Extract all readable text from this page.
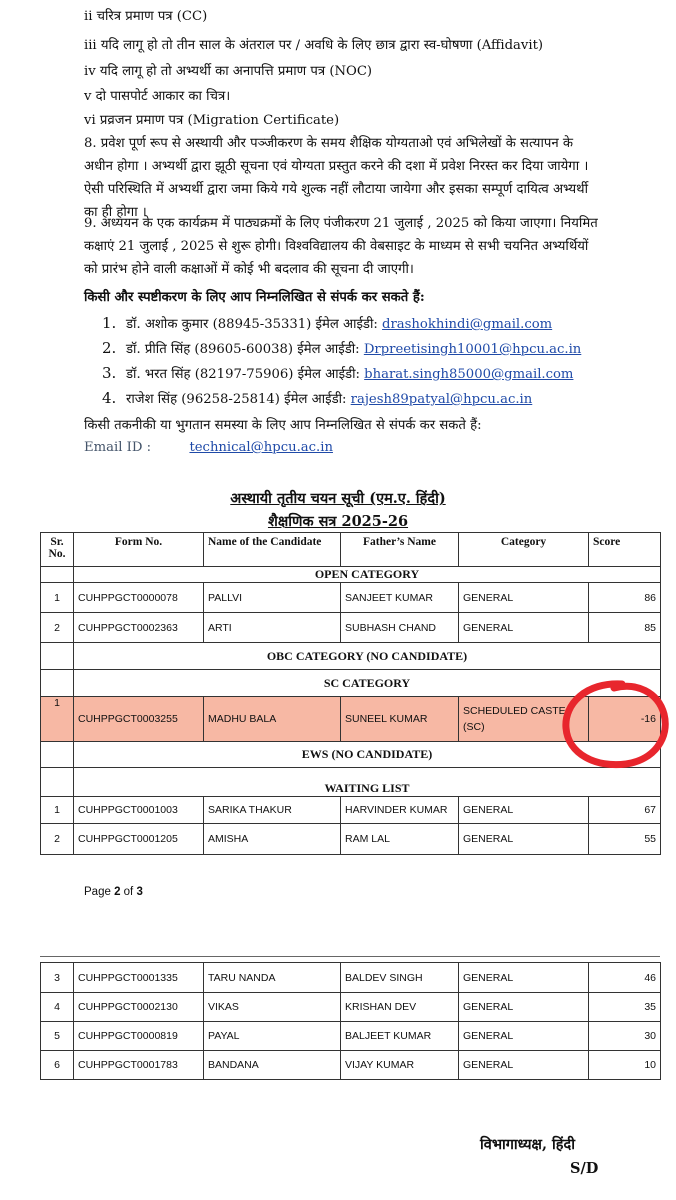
ii चरित्र प्रमाण पत्र (CC)
iii यदि लागू हो तो तीन साल के अंतराल पर / अवधि के लिए छात्र द्वारा स्व-घोषणा (Affidavit)
iv यदि लागू हो तो अभ्यर्थी का अनापत्ति प्रमाण पत्र (NOC)
v दो पासपोर्ट आकार का चित्र।
vi प्रव्रजन प्रमाण पत्र (Migration Certificate)
8. प्रवेश पूर्ण रूप से अस्थायी और पञ्जीकरण के समय शैक्षिक योग्यताओ एवं अभिलेखों के सत्यापन के अधीन होगा । अभ्यर्थी द्वारा झूठी सूचना एवं योग्यता प्रस्तुत करने की दशा में प्रवेश निरस्त कर दिया जायेगा । ऐसी परिस्थिति में अभ्यर्थी द्वारा जमा किये गये शुल्क नहीं लौटाया जायेगा और इसका सम्पूर्ण दायित्व अभ्यर्थी का ही होगा ।
9. अध्ययन के एक कार्यक्रम में पाठ्यक्रमों के लिए पंजीकरण 21 जुलाई , 2025 को किया जाएगा। नियमित कक्षाएं 21 जुलाई , 2025 से शुरू होगी। विश्वविद्यालय की वेबसाइट के माध्यम से सभी चयनित अभ्यर्थियों को प्रारंभ होने वाली कक्षाओं में कोई भी बदलाव की सूचना दी जाएगी।
किसी और स्पष्टीकरण के लिए आप निम्नलिखित से संपर्क कर सकते हैं:
1. डॉ. अशोक कुमार (88945-35331) ईमेल आईडी: drashokhindi@gmail.com
2. डॉ. प्रीति सिंह (89605-60038) ईमेल आईडी: Drpreetisingh10001@hpcu.ac.in
3. डॉ. भरत सिंह (82197-75906) ईमेल आईडी: bharat.singh85000@gmail.com
4. राजेश सिंह (96258-25814) ईमेल आईडी: rajesh89patyal@hpcu.ac.in
किसी तकनीकी या भुगतान समस्या के लिए आप निम्नलिखित से संपर्क कर सकते हैं:
Email ID :	technical@hpcu.ac.in
अस्थायी तृतीय चयन सूची (एम.ए. हिंदी)
शैक्षणिक सत्र 2025-26
Sr. No.	Form No.	Name of the Candidate	Father’s Name	Category	Score
	OPEN CATEGORY				
1	CUHPPGCT0000078	PALLVI	SANJEET KUMAR	GENERAL	86
2	CUHPPGCT0002363	ARTI	SUBHASH CHAND	GENERAL	85
	OBC CATEGORY (NO CANDIDATE)				
	SC CATEGORY				
1	CUHPPGCT0003255	MADHU BALA	SUNEEL KUMAR	SCHEDULED CASTE (SC)	-16
	EWS (NO CANDIDATE)				
	WAITING LIST				
1	CUHPPGCT0001003	SARIKA THAKUR	HARVINDER KUMAR	GENERAL	67
2	CUHPPGCT0001205	AMISHA	RAM LAL	GENERAL	55
Page 2 of 3
3	CUHPPGCT0001335	TARU NANDA	BALDEV SINGH	GENERAL	46
4	CUHPPGCT0002130	VIKAS	KRISHAN DEV	GENERAL	35
5	CUHPPGCT0000819	PAYAL	BALJEET KUMAR	GENERAL	30
6	CUHPPGCT0001783	BANDANA	VIJAY KUMAR	GENERAL	10
विभागाध्यक्ष, हिंदी
S/D
